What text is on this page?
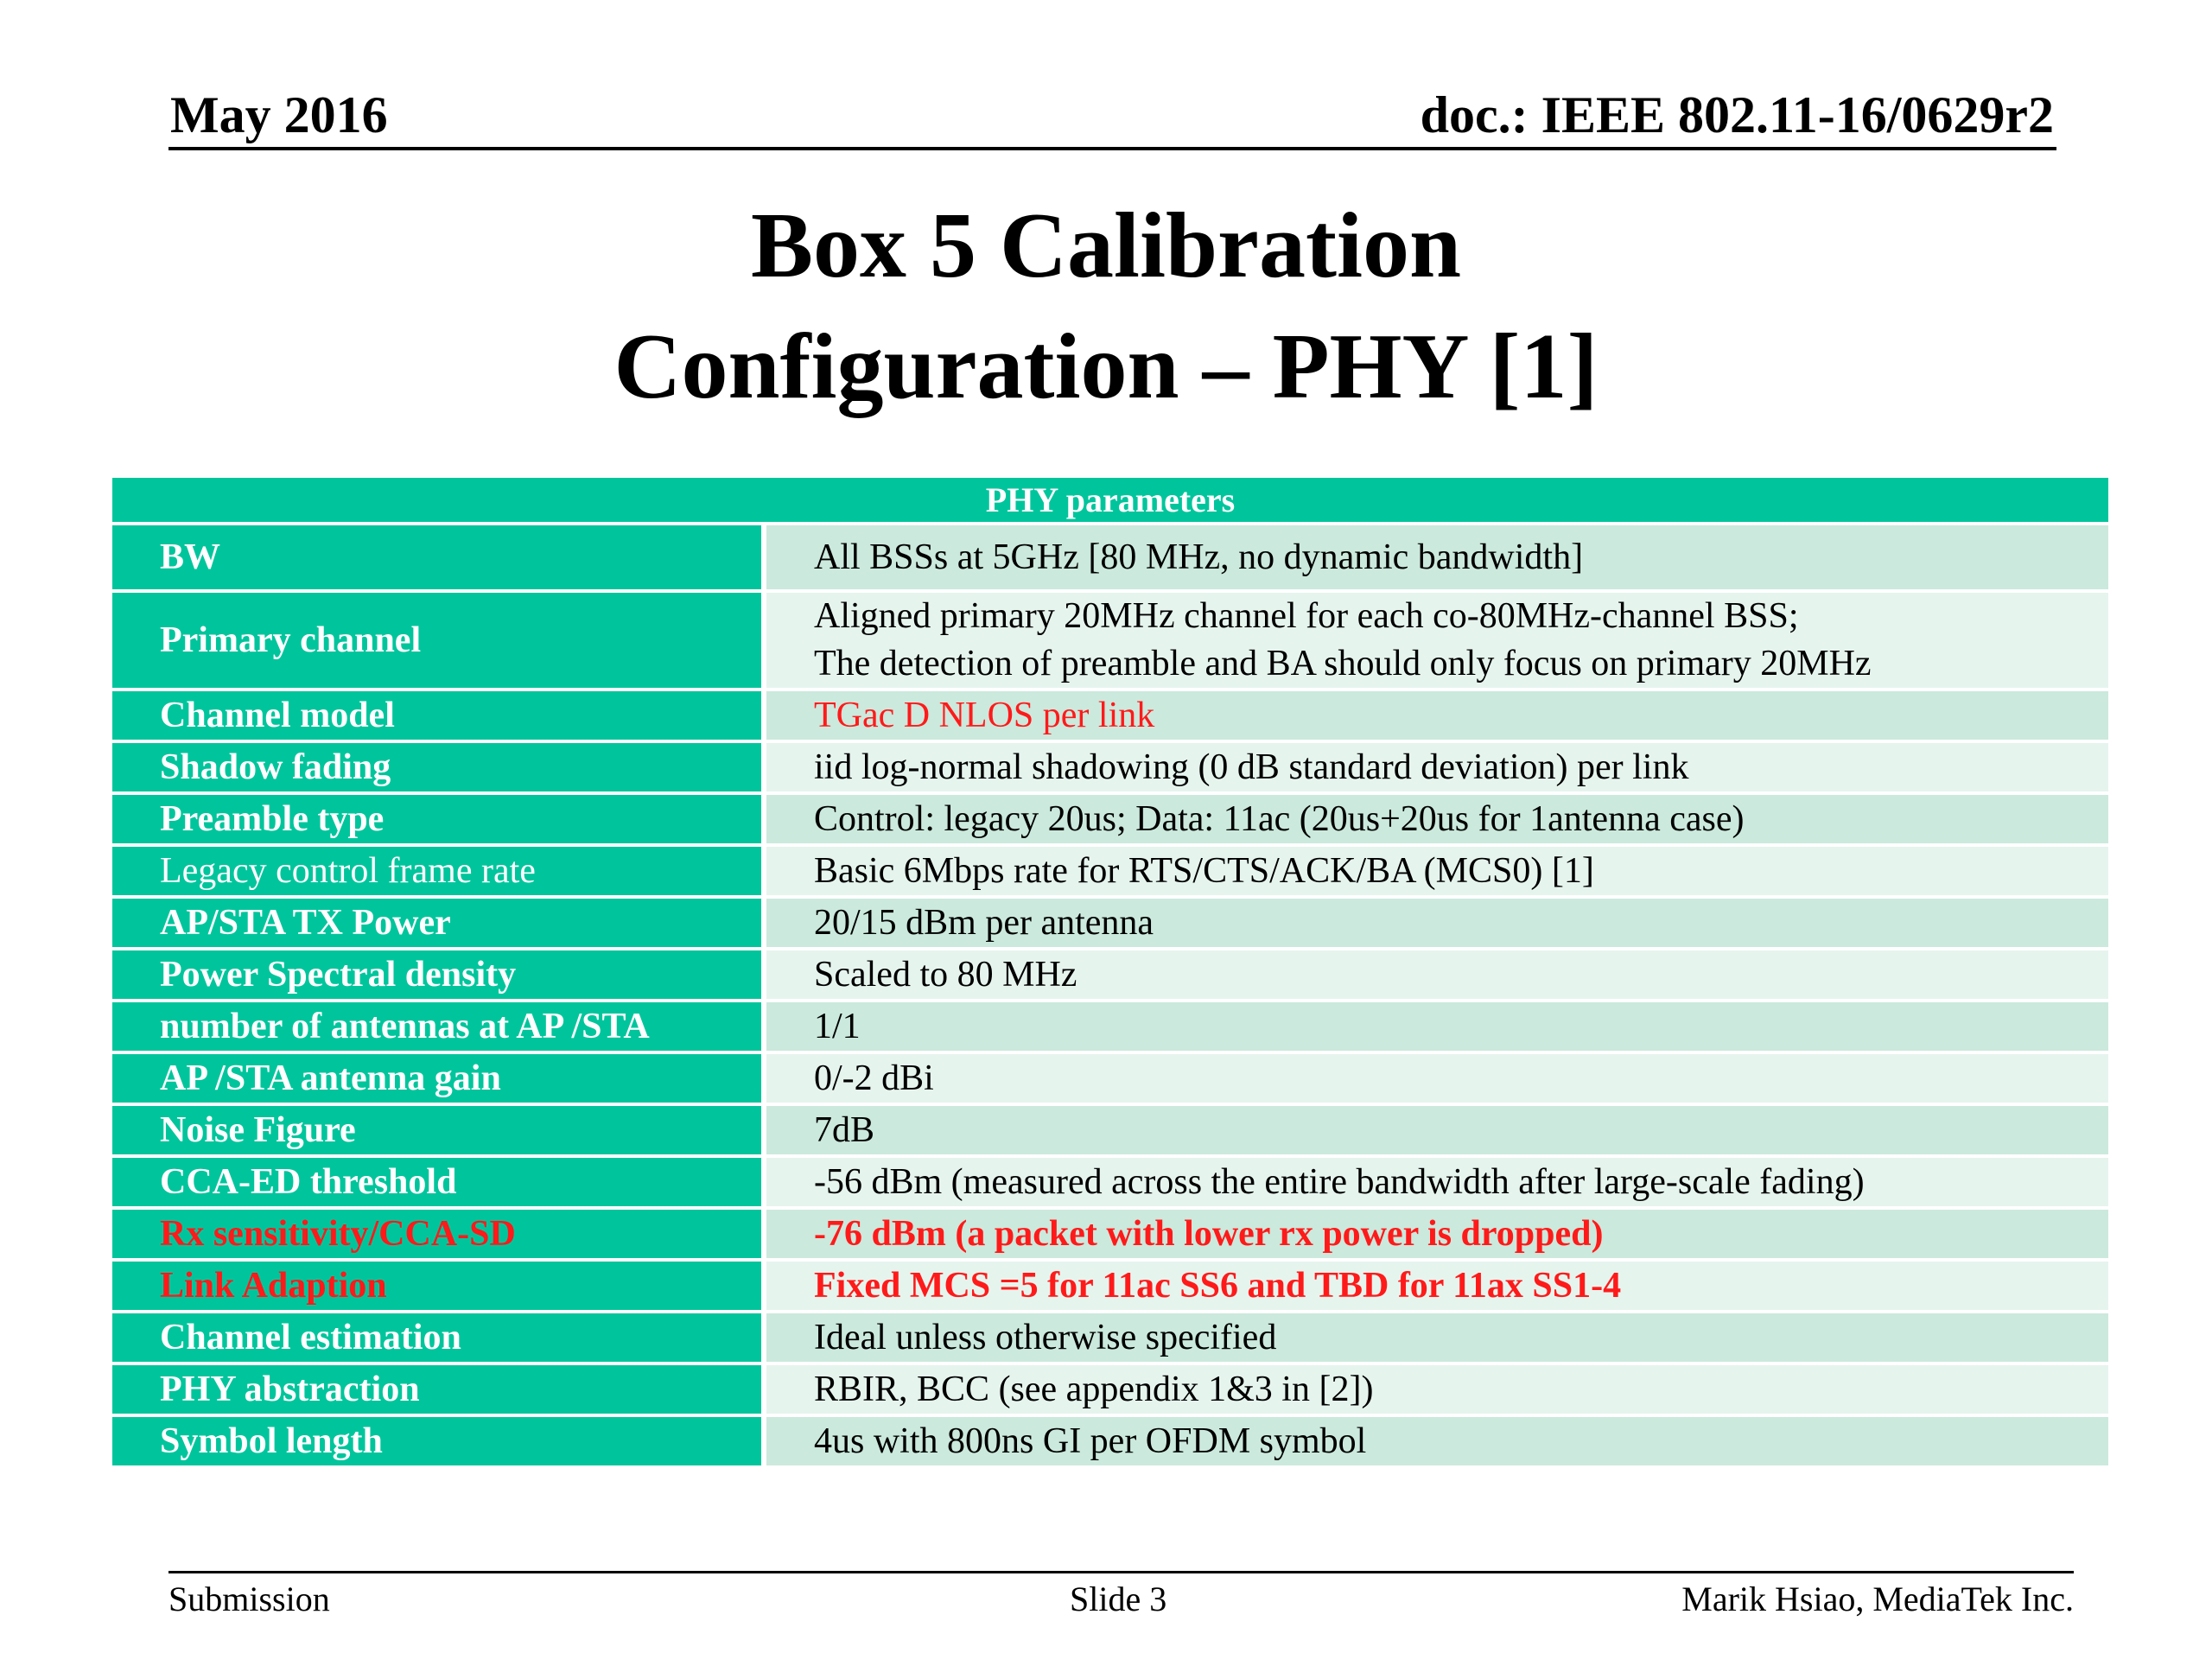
May 2016	doc.: IEEE 802.11-16/0629r2
Box 5 Calibration
Configuration – PHY [1]
PHY parameters	
BW	All BSSs at 5GHz [80 MHz, no dynamic bandwidth]
Primary channel	Aligned primary 20MHz channel for each co-80MHz-channel BSS;
The detection of preamble and BA should only focus on primary 20MHz

Channel model	TGac D NLOS per link
Shadow fading	iid log-normal shadowing (0 dB standard deviation) per link
Preamble type	Control: legacy 20us; Data: 11ac (20us+20us for 1antenna case)
Legacy control frame rate	Basic 6Mbps rate for RTS/CTS/ACK/BA (MCS0) [1]
AP/STA TX Power	20/15 dBm per antenna
Power Spectral density	Scaled to 80 MHz
number of antennas at AP /STA	1/1
AP /STA antenna gain	0/-2 dBi
Noise Figure	7dB
CCA-ED threshold	-56 dBm (measured across the entire bandwidth after large-scale fading)
Rx sensitivity/CCA-SD	-76 dBm (a packet with lower rx power is dropped)
Link Adaption	Fixed MCS =5 for 11ac SS6 and TBD for 11ax SS1-4
Channel estimation	Ideal unless otherwise specified
PHY abstraction	RBIR, BCC (see appendix 1&3 in [2])
Symbol length	4us with 800ns GI per OFDM symbol
Submission	Slide 3	Marik Hsiao, MediaTek Inc.
